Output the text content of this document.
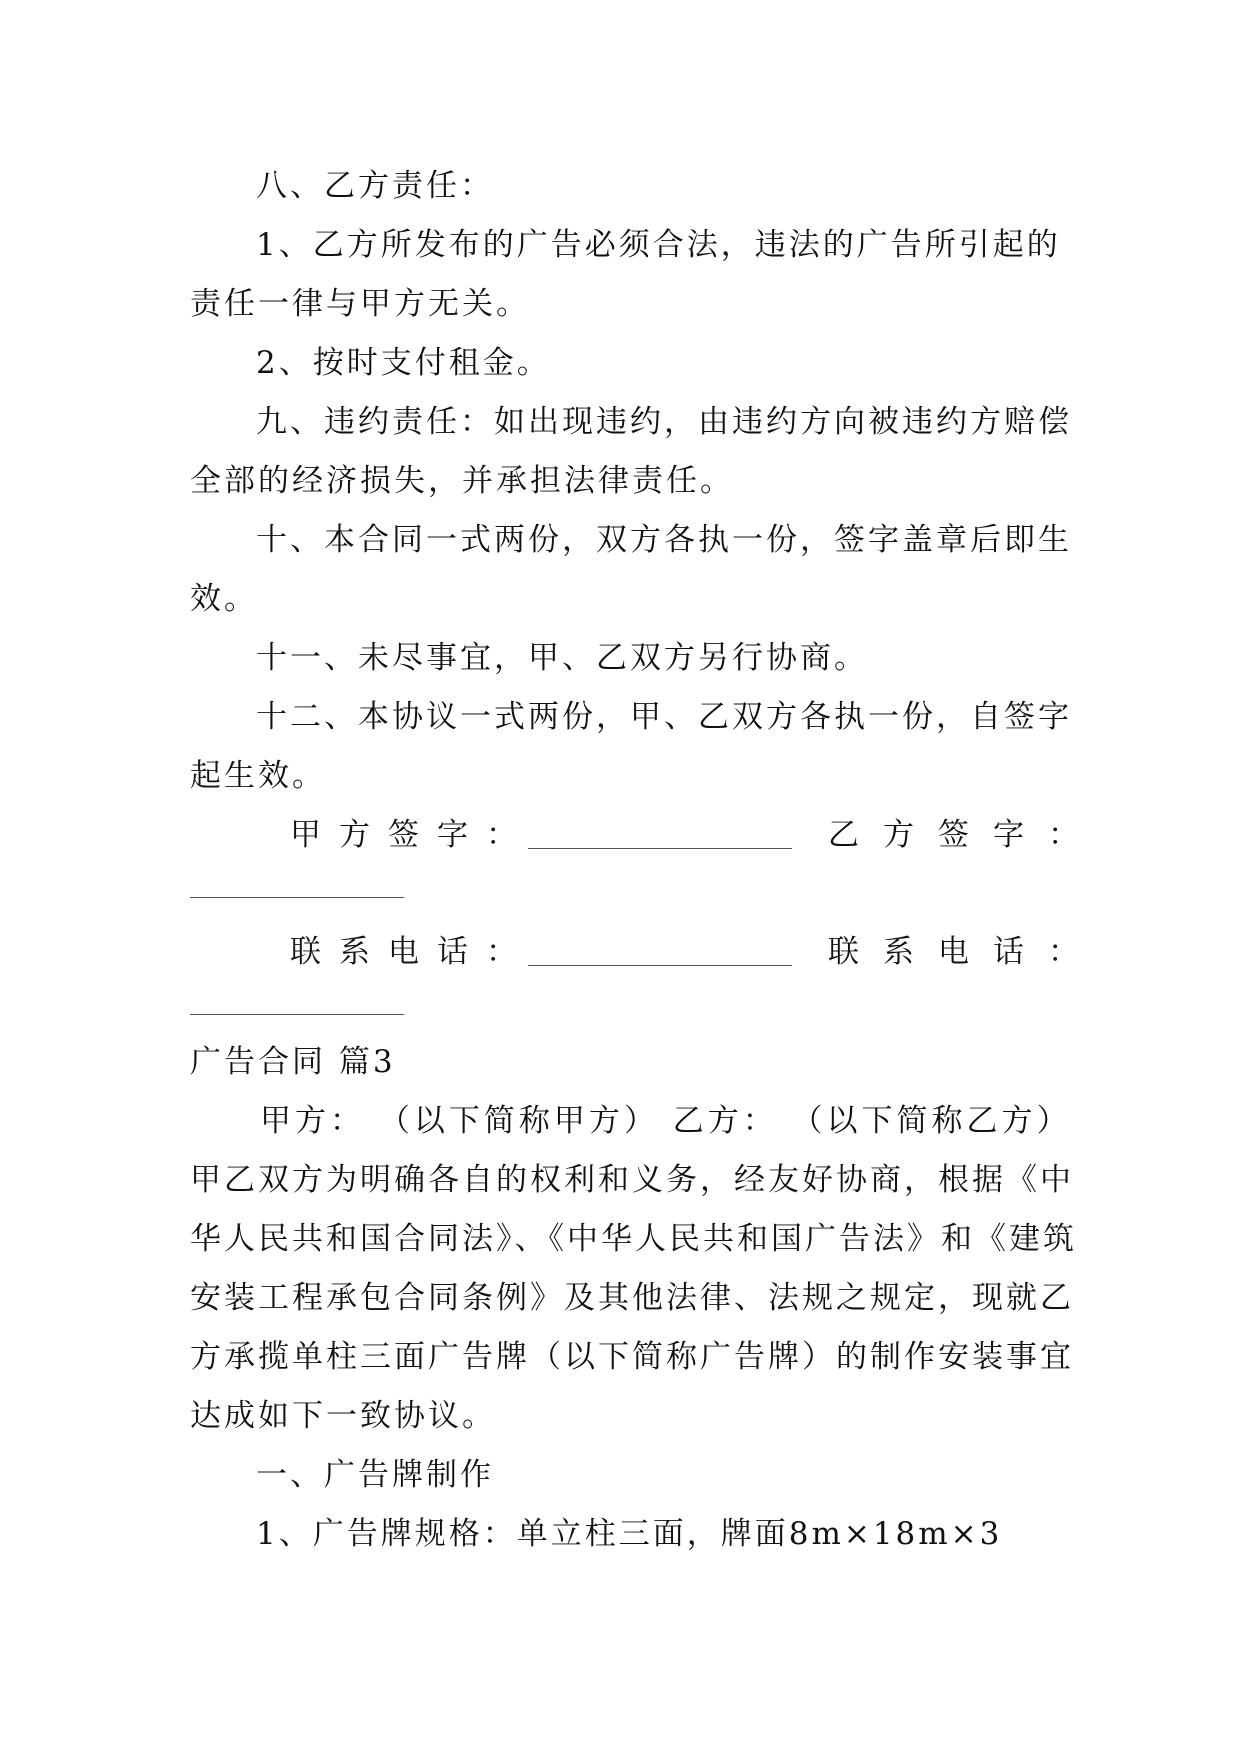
八、乙方责任：
1、乙方所发布的广告必须合法，违法的广告所引起的
责任一律与甲方无关。
2、按时支付租金。
九、违约责任：如出现违约，由违约方向被违约方赔偿
全部的经济损失，并承担法律责任。
十、本合同一式两份，双方各执一份，签字盖章后即生
效。
十一、未尽事宜，甲、乙双方另行协商。
十二、本协议一式两份，甲、乙双方各执一份，自签字
起生效。
甲方签字：	乙方签字：
联系电话：	联系电话：
广告合同 篇3
甲方： （以下简称甲方） 乙方： （以下简称乙方）
甲乙双方为明确各自的权利和义务，经友好协商，根据《中
华人民共和国合同法》、《中华人民共和国广告法》和《建筑
安装工程承包合同条例》及其他法律、法规之规定，现就乙
方承揽单柱三面广告牌（以下简称广告牌）的制作安装事宜
达成如下一致协议。
一、广告牌制作
1、广告牌规格：单立柱三面，牌面8m×18m×3
